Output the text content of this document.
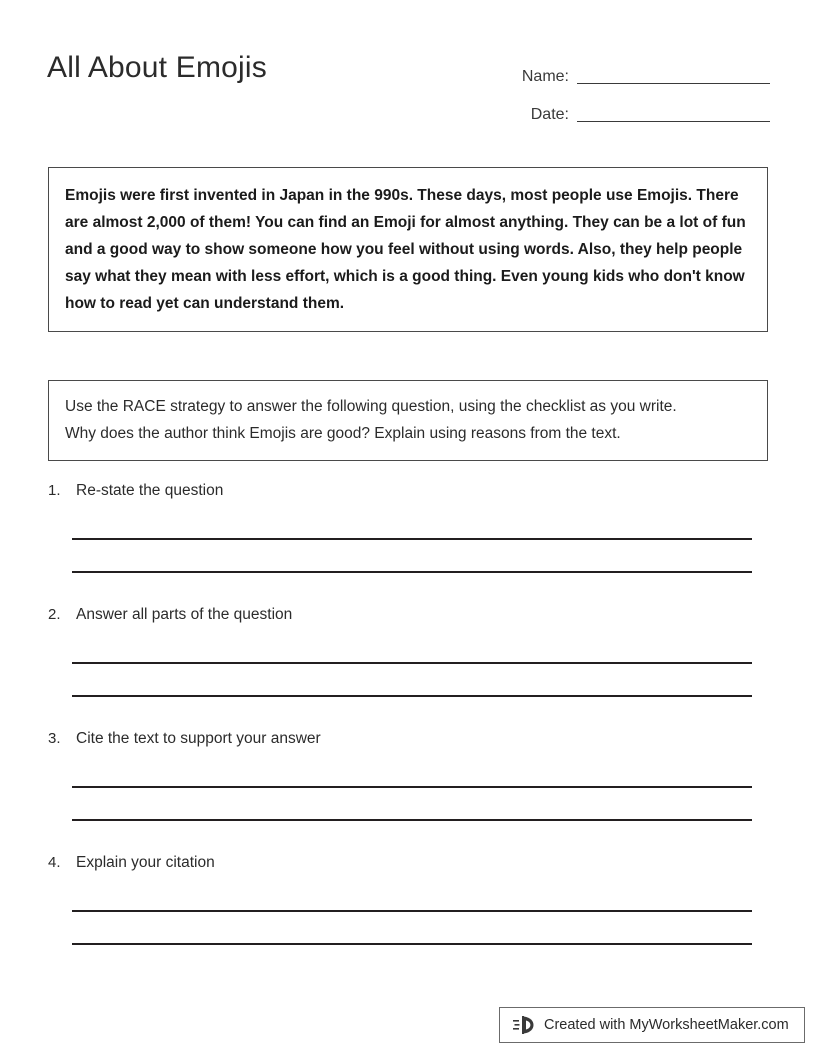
All About Emojis	Name:
Date:

Emojis were first invented in Japan in the 990s. These days, most people use Emojis. There are almost 2,000 of them! You can find an Emoji for almost anything. They can be a lot of fun and a good way to show someone how you feel without using words. Also, they help people say what they mean with less effort, which is a good thing. Even young kids who don't know how to read yet can understand them.

Use the RACE strategy to answer the following question, using the checklist as you write.

Why does the author think Emojis are good? Explain using reasons from the text.

1. Re-state the question
2. Answer all parts of the question
3. Cite the text to support your answer
4. Explain your citation
Created with MyWorksheetMaker.com
